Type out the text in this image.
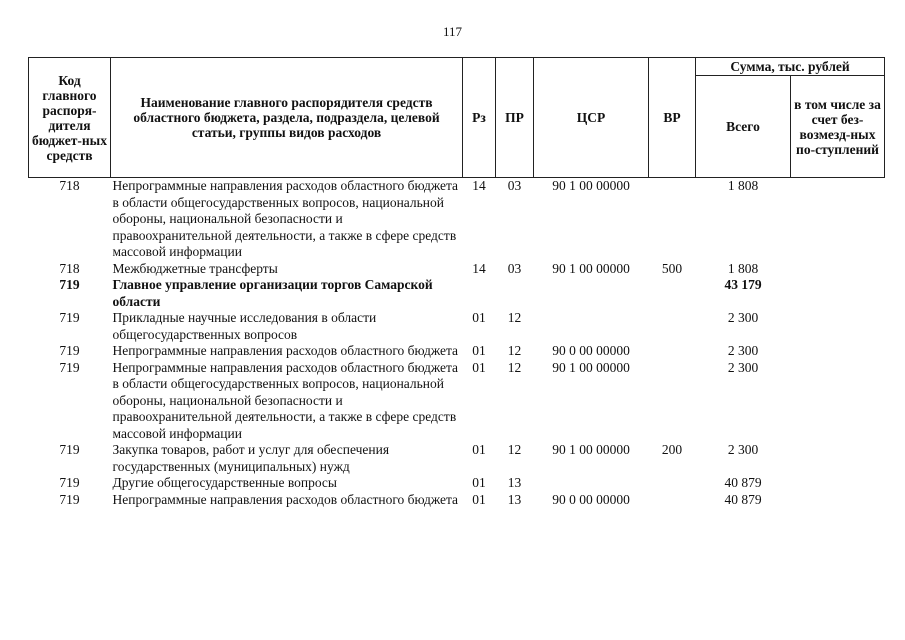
117
Код главного распоря-дителя бюджет-ных средств	Наименование главного распорядителя средств областного бюджета, раздела, подраздела, целевой статьи, группы видов расходов	Рз	ПР	ЦСР	ВР	Сумма, тыс. рублей	
						Всего	в том числе за счет без-возмезд-ных по-ступлений
718	Непрограммные направления расходов областного бюджета в области общегосударственных вопросов, национальной обороны, национальной безопасности и правоохранительной деятельности, а также в сфере средств массовой информации	14	03	90 1 00 00000		1 808	
718	Межбюджетные трансферты	14	03	90 1 00 00000	500	1 808	
719	Главное управление организации торгов Самарской области					43 179	
719	Прикладные научные исследования в области общегосударственных вопросов	01	12			2 300	
719	Непрограммные направления расходов областного бюджета	01	12	90 0 00 00000		2 300	
719	Непрограммные направления расходов областного бюджета в области общегосударственных вопросов, национальной обороны, национальной безопасности и правоохранительной деятельности, а также в сфере средств массовой информации	01	12	90 1 00 00000		2 300	
719	Закупка товаров, работ и услуг для обеспечения государственных (муниципальных) нужд	01	12	90 1 00 00000	200	2 300	
719	Другие общегосударственные вопросы	01	13			40 879	
719	Непрограммные направления расходов областного бюджета	01	13	90 0 00 00000		40 879	
